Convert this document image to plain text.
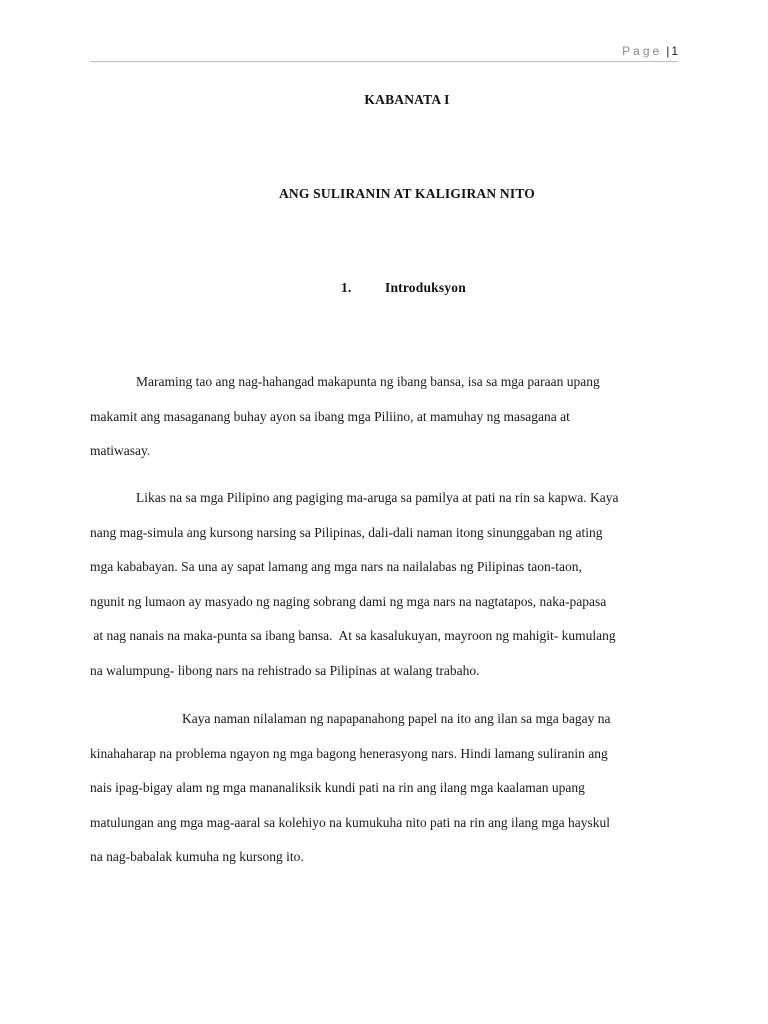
Page | 1
KABANATA I
ANG SULIRANIN AT KALIGIRAN NITO
1. Introduksyon
Maraming tao ang nag-hahangad makapunta ng ibang bansa, isa sa mga paraan upang
makamit ang masaganang buhay ayon sa ibang mga Piliino, at mamuhay ng masagana at
matiwasay.
Likas na sa mga Pilipino ang pagiging ma-aruga sa pamilya at pati na rin sa kapwa. Kaya
nang mag-simula ang kursong narsing sa Pilipinas, dali-dali naman itong sinunggaban ng ating
mga kababayan. Sa una ay sapat lamang ang mga nars na nailalabas ng Pilipinas taon-taon,
ngunit ng lumaon ay masyado ng naging sobrang dami ng mga nars na nagtatapos, naka-papasa
at nag nanais na maka-punta sa ibang bansa.  At sa kasalukuyan, mayroon ng mahigit- kumulang
na walumpung- libong nars na rehistrado sa Pilipinas at walang trabaho.
Kaya naman nilalaman ng napapanahong papel na ito ang ilan sa mga bagay na
kinahaharap na problema ngayon ng mga bagong henerasyong nars. Hindi lamang suliranin ang
nais ipag-bigay alam ng mga mananaliksik kundi pati na rin ang ilang mga kaalaman upang
matulungan ang mga mag-aaral sa kolehiyo na kumukuha nito pati na rin ang ilang mga hayskul
na nag-babalak kumuha ng kursong ito.
